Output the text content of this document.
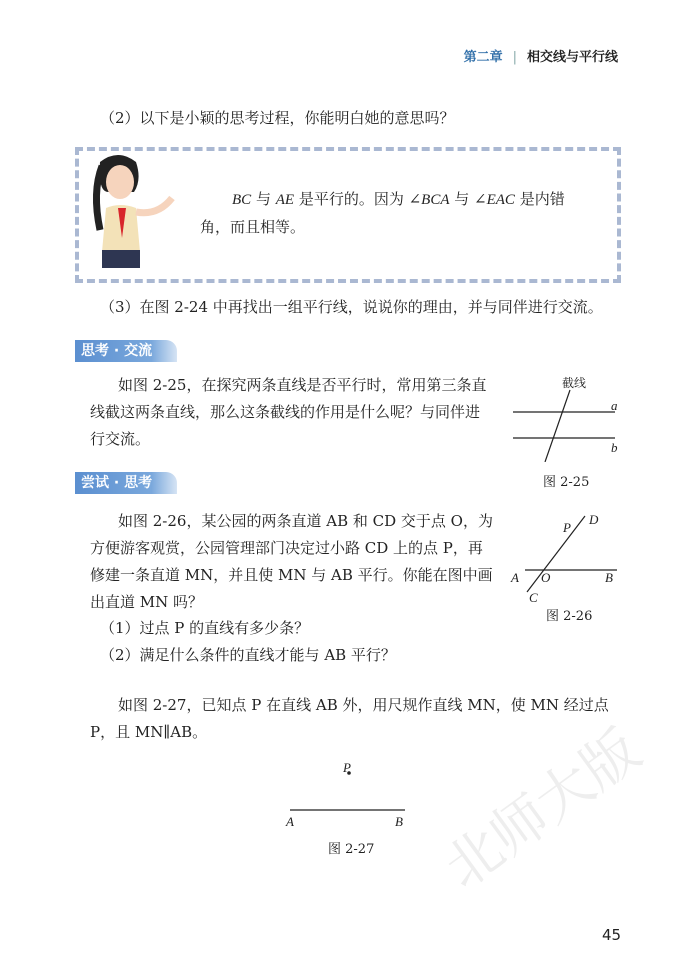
第二章 | 相交线与平行线
（2）以下是小颖的思考过程，你能明白她的意思吗？
BC 与 AE 是平行的。因为 ∠BCA 与 ∠EAC 是内错
角，而且相等。
（3）在图 2-24 中再找出一组平行线，说说你的理由，并与同伴进行交流。
思考 · 交流
如图 2-25，在探究两条直线是否平行时，常用第三条直
线截这两条直线，那么这条截线的作用是什么呢？与同伴进
行交流。
a
b
截线
图 2-25
尝试 · 思考
如图 2-26，某公园的两条直道 AB 和 CD 交于点 O，为
方便游客观赏，公园管理部门决定过小路 CD 上的点 P，再
修建一条直道 MN，并且使 MN 与 AB 平行。你能在图中画
出直道 MN 吗？
（1）过点 P 的直线有多少条？
（2）满足什么条件的直线才能与 AB 平行？
A O	B
C
D
P
图 2-26
如图 2-27，已知点 P 在直线 AB 外，用尺规作直线 MN，使 MN 经过点
P，且 MN∥AB。
P
A	B
图 2-27 北师大版
45
